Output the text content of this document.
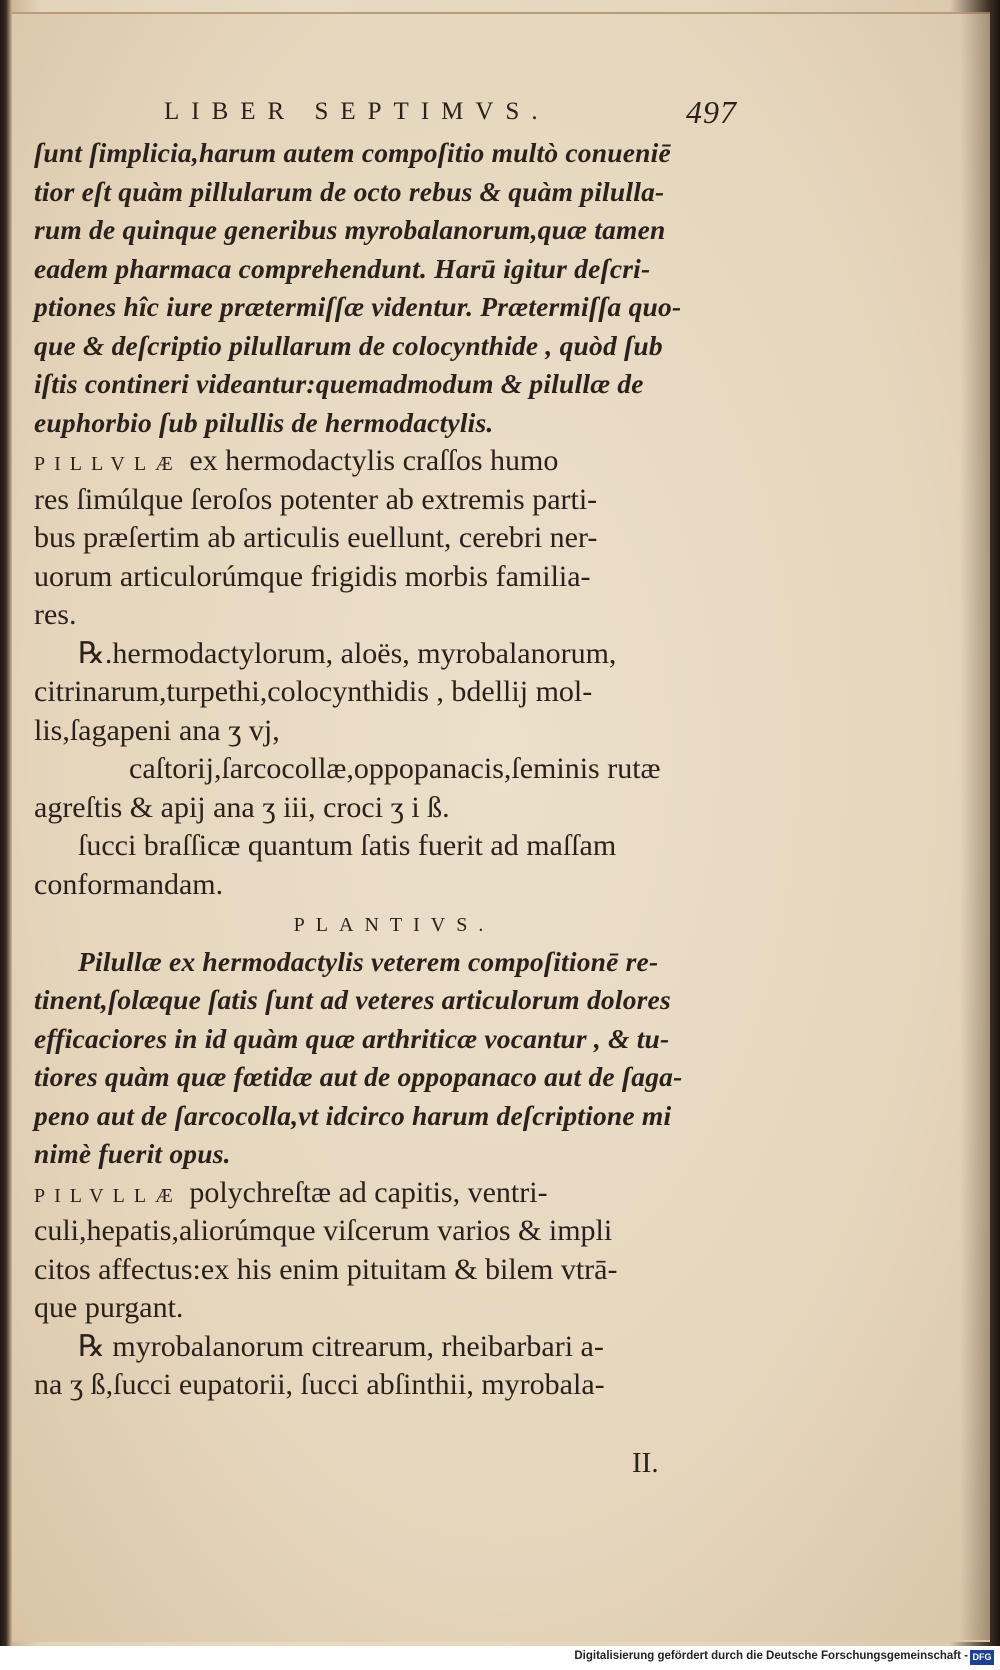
LIBER SEPTIMVS.	497
ſunt ſimplicia,harum autem compoſitio multò conueniē
tior eſt quàm pillularum de octo rebus & quàm pilulla-
rum de quinque generibus myrobalanorum,quæ tamen
eadem pharmaca comprehendunt. Harū igitur deſcri-
ptiones hîc iure prætermiſſæ videntur. Prætermiſſa quo-
que & deſcriptio pilullarum de colocynthide , quòd ſub
iſtis contineri videantur:quemadmodum & pilullæ de
euphorbio ſub pilullis de hermodactylis.
PILLVLÆ ex hermodactylis craſſos humo
res ſimúlque ſeroſos potenter ab extremis parti-
bus præſertim ab articulis euellunt, cerebri ner-
uorum articulorúmque frigidis morbis familia-
res.
℞.hermodactylorum, aloës, myrobalanorum,
citrinarum,turpethi,colocynthidis , bdellij mol-
lis,ſagapeni ana ʒ vj,
caſtorij,ſarcocollæ,oppopanacis,ſeminis rutæ
agreſtis & apij ana ʒ iii, croci ʒ i ß.
ſucci braſſicæ quantum ſatis fuerit ad maſſam
conformandam.
PLANTIVS.
Pilullæ ex hermodactylis veterem compoſitionē re-
tinent,ſolæque ſatis ſunt ad veteres articulorum dolores
efficaciores in id quàm quæ arthriticæ vocantur , & tu-
tiores quàm quæ fœtidæ aut de oppopanaco aut de ſaga-
peno aut de ſarcocolla,vt idcirco harum deſcriptione mi
nimè fuerit opus.
PILVLLÆ polychreſtæ ad capitis, ventri-
culi,hepatis,aliorúmque viſcerum varios & impli
citos affectus:ex his enim pituitam & bilem vtrā-
que purgant.
℞ myrobalanorum citrearum, rheibarbari a-
na ʒ ß,ſucci eupatorii, ſucci abſinthii, myrobala-
II.
Digitalisierung gefördert durch die Deutsche Forschungsgemeinschaft - DFG
